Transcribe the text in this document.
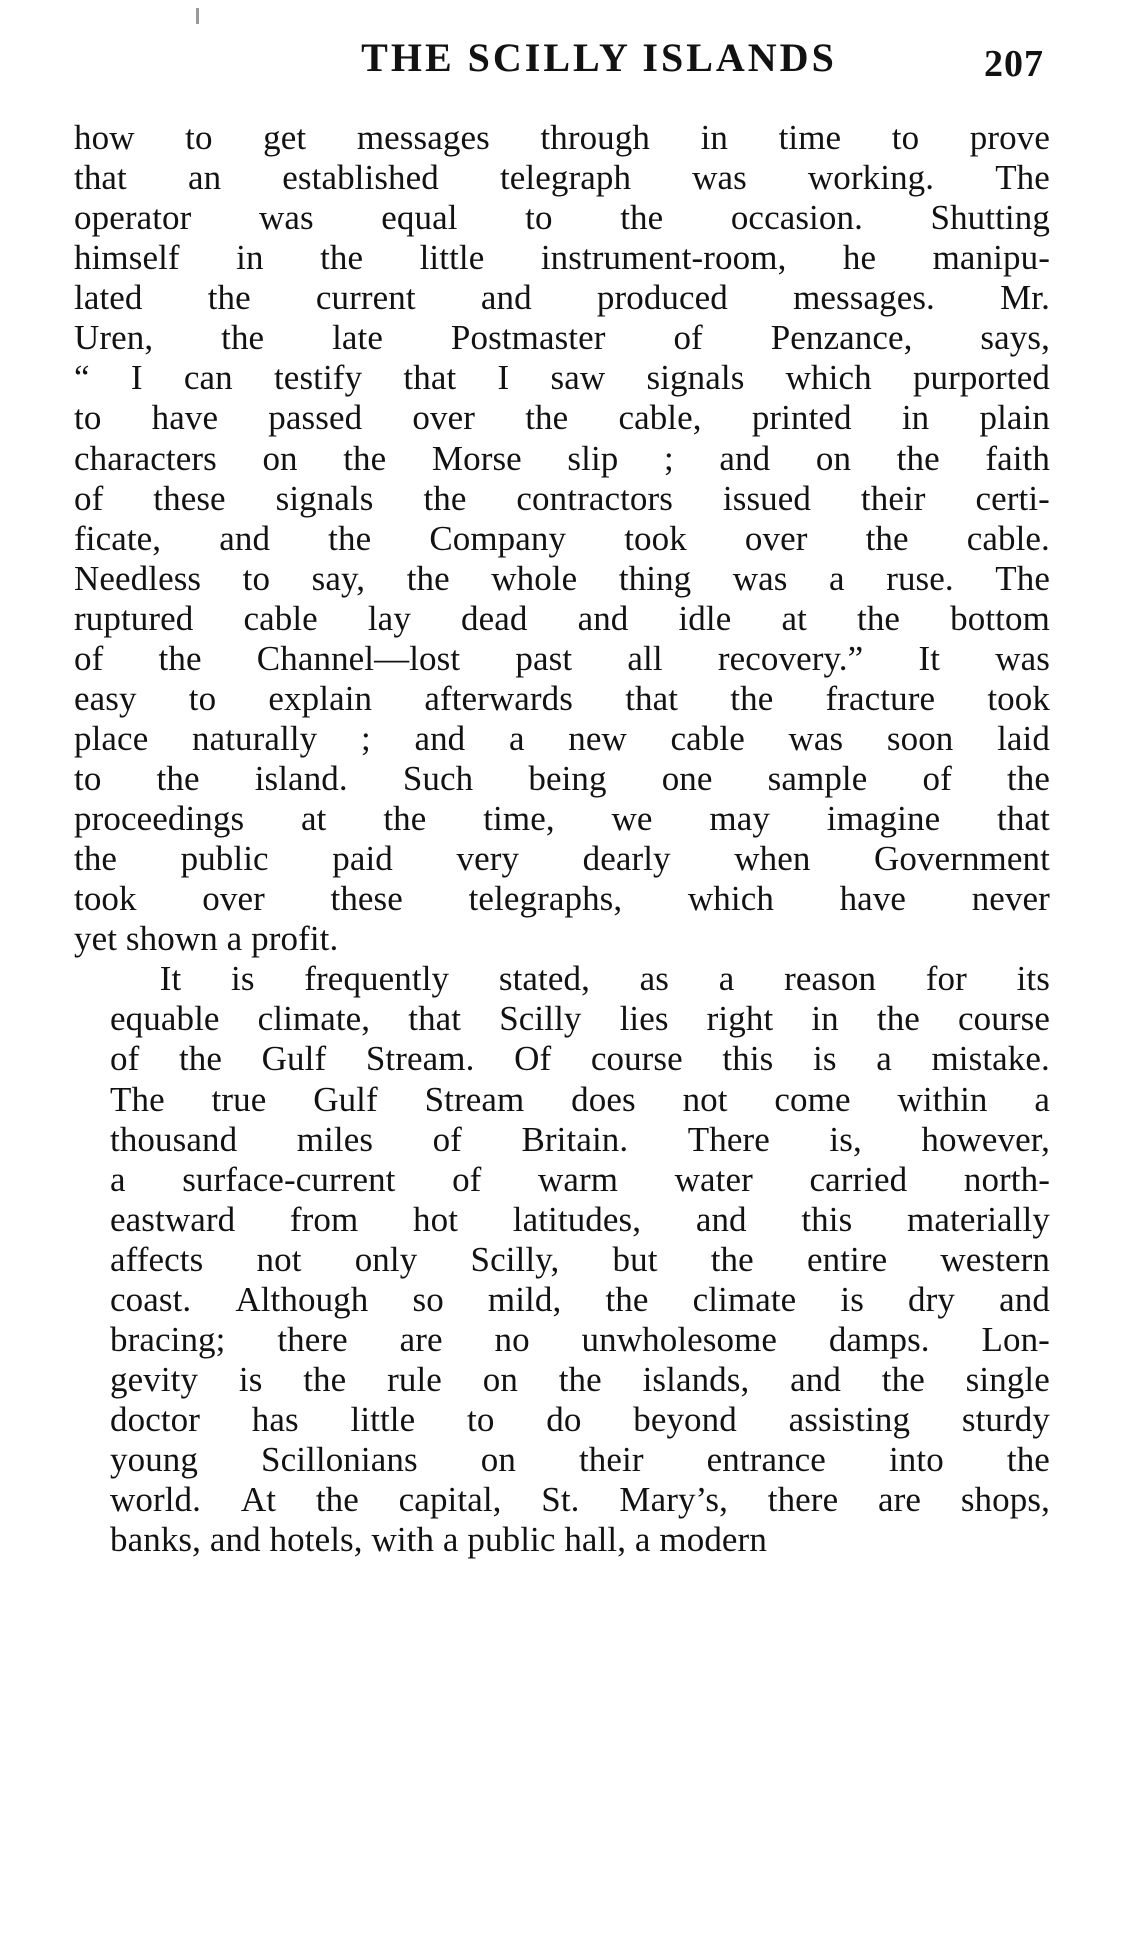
THE SCILLY ISLANDS	207

how to get messages through in time to prove
that an established telegraph was working. The
operator was equal to the occasion. Shutting
himself in the little instrument-room, he manipu-
lated the current and produced messages. Mr.
Uren, the late Postmaster of Penzance, says,
“ I can testify that I saw signals which purported
to have passed over the cable, printed in plain
characters on the Morse slip ; and on the faith
of these signals the contractors issued their certi-
ficate, and the Company took over the cable.
Needless to say, the whole thing was a ruse. The
ruptured cable lay dead and idle at the bottom
of the Channel—lost past all recovery.” It was
easy to explain afterwards that the fracture took
place naturally ; and a new cable was soon laid
to the island. Such being one sample of the
proceedings at the time, we may imagine that
the public paid very dearly when Government
took over these telegraphs, which have never
yet shown a profit.

It	is	frequently	stated,	as	a	reason	for	its
equable	climate,	that	Scilly	lies	right	in	the	course
of	the	Gulf	Stream.	Of	course	this	is	a	mistake.
The	true	Gulf	Stream	does	not	come	within	a
thousand	miles	of	Britain.	There	is,	however,
a	surface-current	of	warm	water	carried	north-
eastward	from	hot	latitudes,	and	this	materially
affects	not	only	Scilly,	but	the	entire	western
coast.	Although	so	mild,	the	climate	is	dry	and
bracing;	there	are	no	unwholesome	damps.	Lon-
gevity	is	the	rule	on	the	islands,	and	the	single
doctor	has	little	to	do	beyond	assisting	sturdy
young	Scillonians	on	their	entrance	into	the
world.	At	the	capital,	St.	Mary’s,	there	are	shops,
banks, and hotels, with a public hall, a modern
